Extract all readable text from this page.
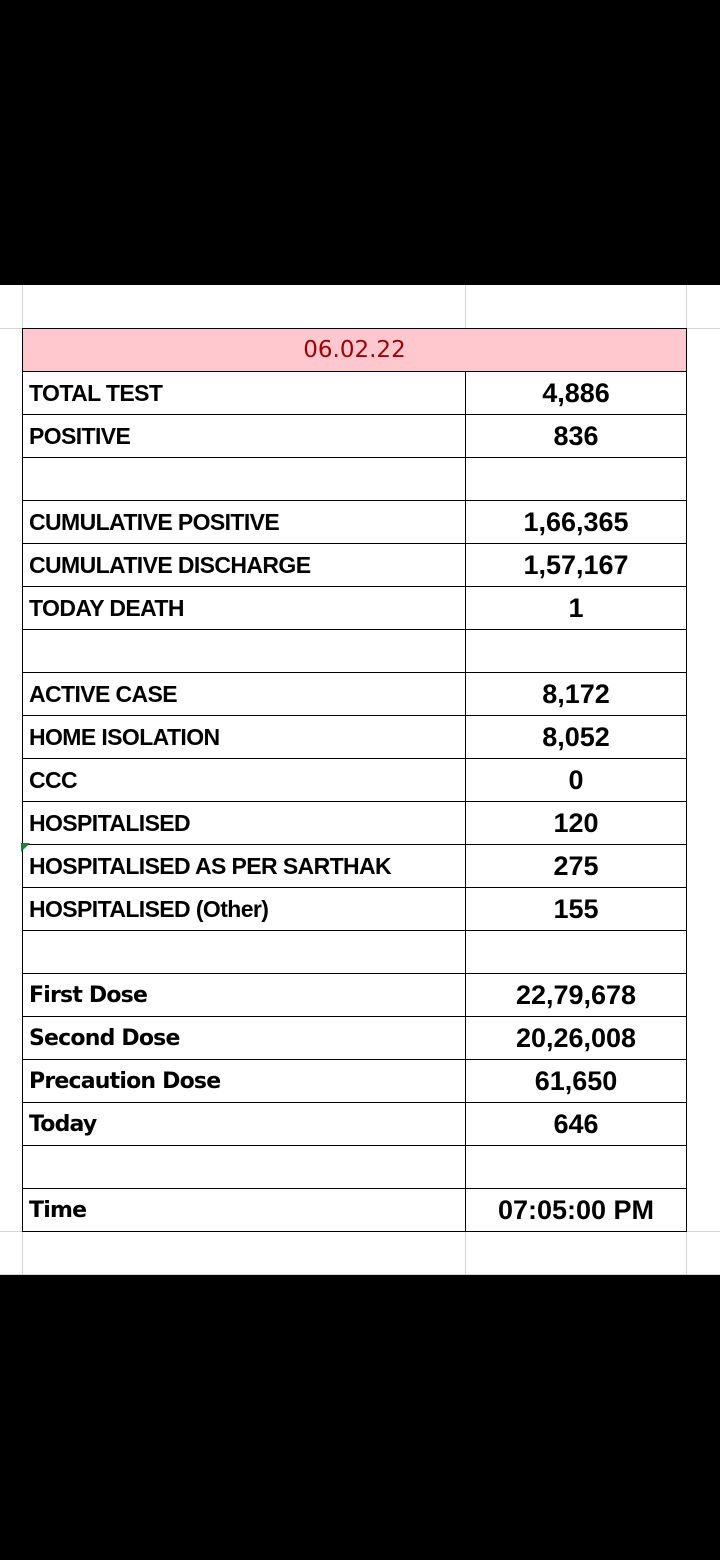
06.02.22
TOTAL TEST	4,886
POSITIVE	836
CUMULATIVE POSITIVE	1,66,365
CUMULATIVE DISCHARGE	1,57,167
TODAY DEATH	1
ACTIVE CASE	8,172
HOME ISOLATION	8,052
CCC	0
HOSPITALISED	120
HOSPITALISED AS PER SARTHAK	275
HOSPITALISED (Other)	155
First Dose	22,79,678
Second Dose	20,26,008
Precaution Dose	61,650
Today	646
Time	07:05:00 PM
